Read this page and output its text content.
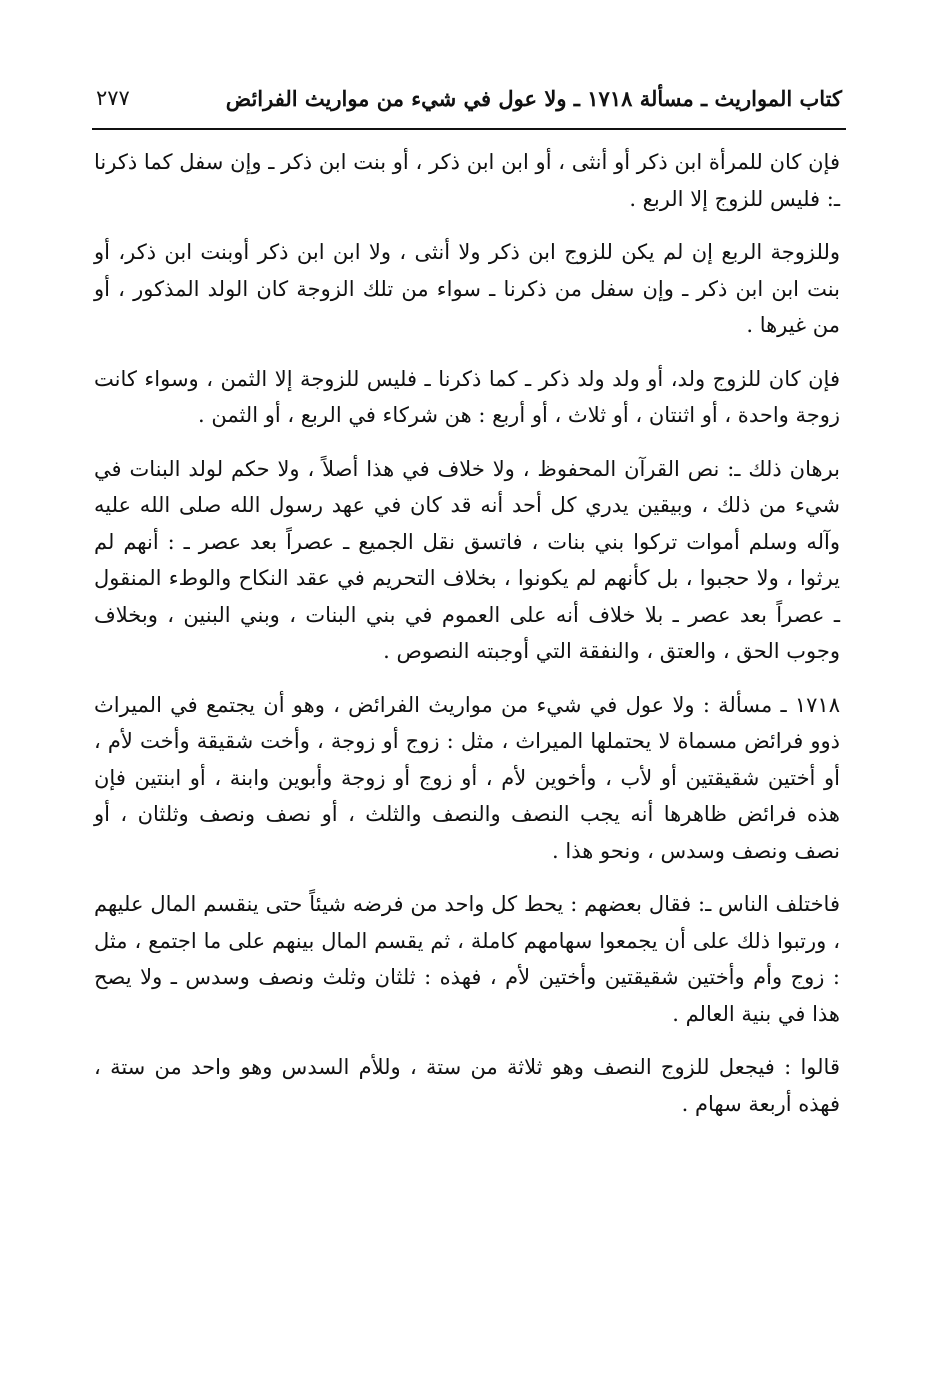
كتاب المواريث ـ مسألة ١٧١٨ ـ ولا عول في شيء من مواريث الفرائض
٢٧٧

فإن كان للمرأة ابن ذكر أو أنثى ، أو ابن ابن ذكر ، أو بنت ابن ذكر ـ وإن سفل كما ذكرنا ـ: فليس للزوج إلا الربع .

وللزوجة الربع إن لم يكن للزوج ابن ذكر ولا أنثى ، ولا ابن ابن ذكر أوبنت ابن ذكر، أو بنت ابن ابن ذكر ـ وإن سفل من ذكرنا ـ سواء من تلك الزوجة كان الولد المذكور ، أو من غيرها .

فإن كان للزوج ولد، أو ولد ولد ذكر ـ كما ذكرنا ـ فليس للزوجة إلا الثمن ، وسواء كانت زوجة واحدة ، أو اثنتان ، أو ثلاث ، أو أربع : هن شركاء في الربع ، أو الثمن .

برهان ذلك ـ: نص القرآن المحفوظ ، ولا خلاف في هذا أصلاً ، ولا حكم لولد البنات في شيء من ذلك ، وبيقين يدري كل أحد أنه قد كان في عهد رسول الله صلى الله عليه وآله وسلم أموات تركوا بني بنات ، فاتسق نقل الجميع ـ عصراً بعد عصر ـ : أنهم لم يرثوا ، ولا حجبوا ، بل كأنهم لم يكونوا ، بخلاف التحريم في عقد النكاح والوطء المنقول ـ عصراً بعد عصر ـ بلا خلاف أنه على العموم في بني البنات ، وبني البنين ، وبخلاف وجوب الحق ، والعتق ، والنفقة التي أوجبته النصوص .

١٧١٨ ـ مسألة : ولا عول في شيء من مواريث الفرائض ، وهو أن يجتمع في الميراث ذوو فرائض مسماة لا يحتملها الميراث ، مثل : زوج أو زوجة ، وأخت شقيقة وأخت لأم ، أو أختين شقيقتين أو لأب ، وأخوين لأم ، أو زوج أو زوجة وأبوين وابنة ، أو ابنتين فإن هذه فرائض ظاهرها أنه يجب النصف والنصف والثلث ، أو نصف ونصف وثلثان ، أو نصف ونصف وسدس ، ونحو هذا .

فاختلف الناس ـ: فقال بعضهم : يحط كل واحد من فرضه شيئاً حتى ينقسم المال عليهم ، ورتبوا ذلك على أن يجمعوا سهامهم كاملة ، ثم يقسم المال بينهم على ما اجتمع ، مثل : زوج وأم وأختين شقيقتين وأختين لأم ، فهذه : ثلثان وثلث ونصف وسدس ـ ولا يصح هذا في بنية العالم .

قالوا : فيجعل للزوج النصف وهو ثلاثة من ستة ، وللأم السدس وهو واحد من ستة ، فهذه أربعة سهام .
